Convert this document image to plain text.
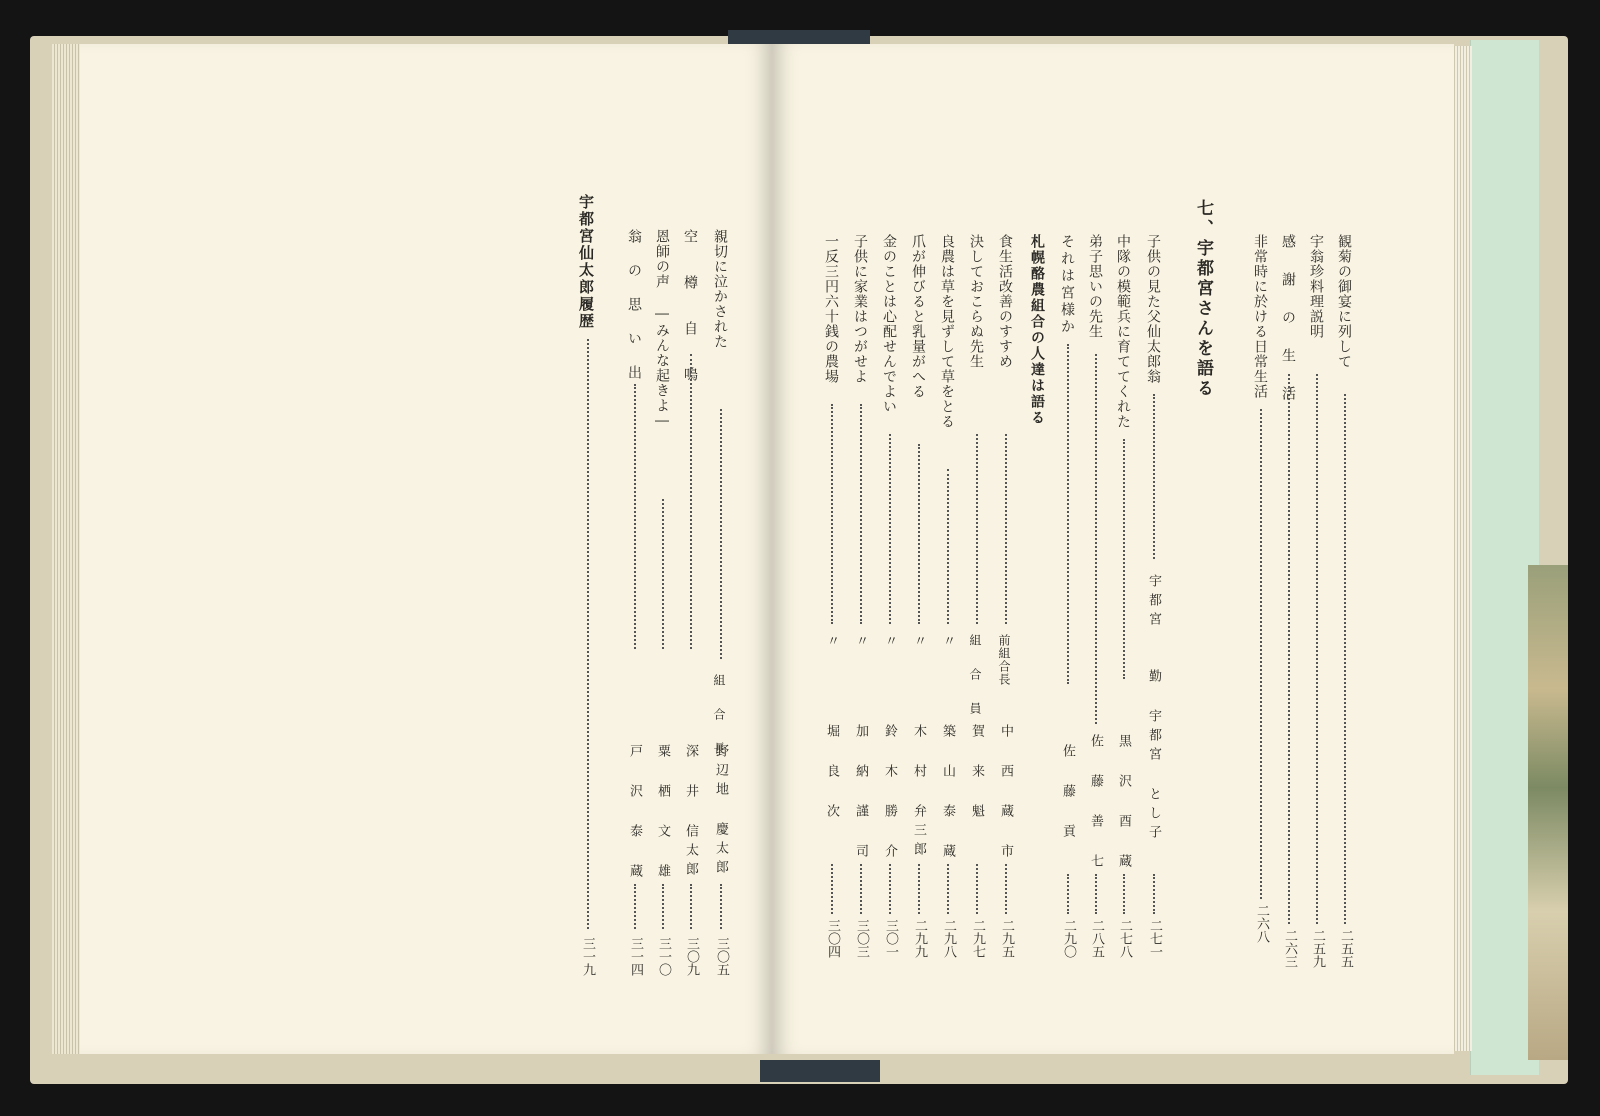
親切に泣かされた
組 合 長
野辺地 慶太郎
三〇五
空 樽 自 鳴
深 井 信太郎
三〇九
恩師の声 ―みんな起きよ―
粟 栖 文 雄
三一〇
翁 の 思 い 出
戸 沢 泰 蔵
三一四
宇都宮仙太郎履歴
三一九
観菊の御宴に列して
二五五
宇翁珍料理説明
二五九
感 謝 の 生 活
二六三
非常時に於ける日常生活
二六八
七、宇都宮さんを語る
子供の見た父仙太郎翁
宇都宮
勤 宇都宮 とし子
二七一
中隊の模範兵に育ててくれた
黒 沢 酉 蔵
二七八
弟子思いの先生
佐 藤 善 七
二八五
それは宮様か
佐 藤 貢
二九〇
札幌酪農組合の人達は語る
食生活改善のすすめ
前組合長
中 西 蔵 市
二九五
決しておこらぬ先生
組 合 員
賀 来 魁
二九七
良農は草を見ずして草をとる
〃
築 山 泰 蔵
二九八
爪が伸びると乳量がへる
〃
木 村 弁三郎
二九九
金のことは心配せんでよい
〃
鈴 木 勝 介
三〇一
子供に家業はつがせよ
〃
加 納 謹 司
三〇三
一反三円六十銭の農場
〃
堀 良 次
三〇四
